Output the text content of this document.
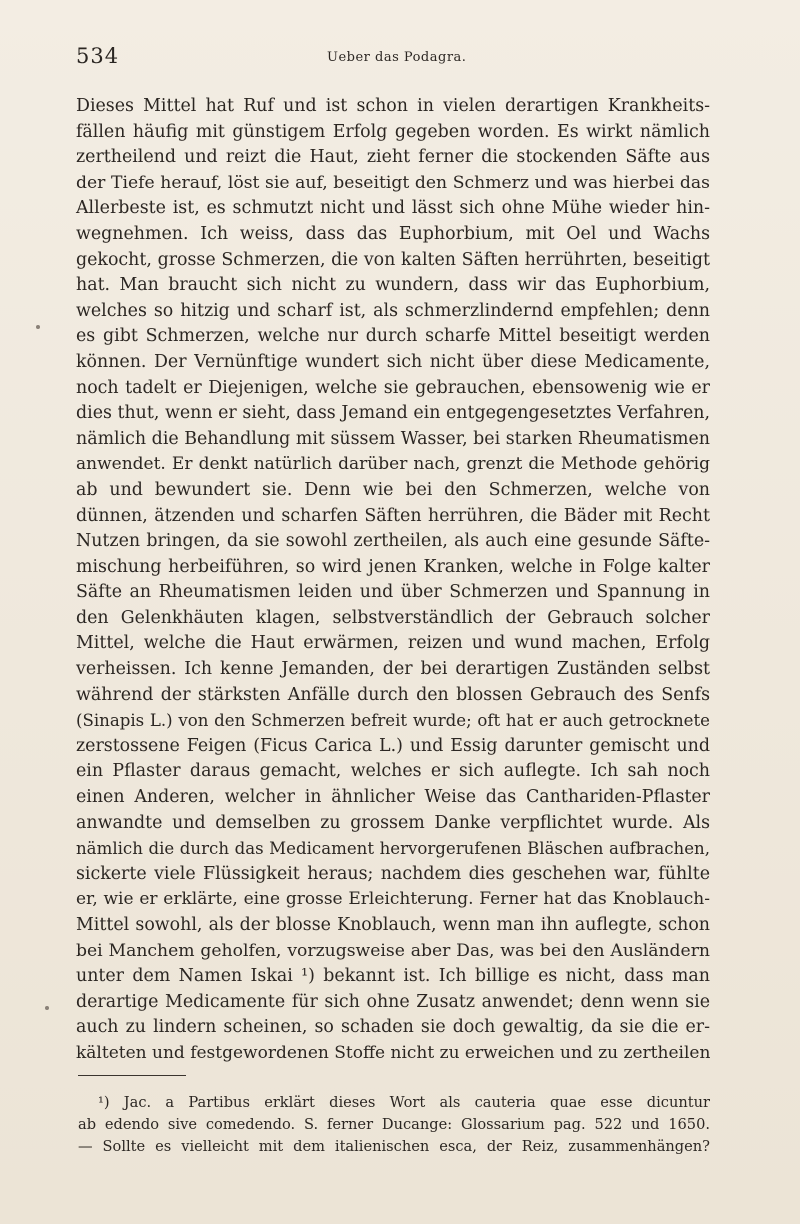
534	Ueber das Podagra.
Dieses Mittel hat Ruf und ist schon in vielen derartigen Krankheits-
fällen häufig mit günstigem Erfolg gegeben worden. Es wirkt nämlich
zertheilend und reizt die Haut, zieht ferner die stockenden Säfte aus
der Tiefe herauf, löst sie auf, beseitigt den Schmerz und was hierbei das
Allerbeste ist, es schmutzt nicht und lässt sich ohne Mühe wieder hin-
wegnehmen. Ich weiss, dass das Euphorbium, mit Oel und Wachs
gekocht, grosse Schmerzen, die von kalten Säften herrührten, beseitigt
hat. Man braucht sich nicht zu wundern, dass wir das Euphorbium,
welches so hitzig und scharf ist, als schmerzlindernd empfehlen; denn
es gibt Schmerzen, welche nur durch scharfe Mittel beseitigt werden
können. Der Vernünftige wundert sich nicht über diese Medicamente,
noch tadelt er Diejenigen, welche sie gebrauchen, ebensowenig wie er
dies thut, wenn er sieht, dass Jemand ein entgegengesetztes Verfahren,
nämlich die Behandlung mit süssem Wasser, bei starken Rheumatismen
anwendet. Er denkt natürlich darüber nach, grenzt die Methode gehörig
ab und bewundert sie. Denn wie bei den Schmerzen, welche von
dünnen, ätzenden und scharfen Säften herrühren, die Bäder mit Recht
Nutzen bringen, da sie sowohl zertheilen, als auch eine gesunde Säfte-
mischung herbeiführen, so wird jenen Kranken, welche in Folge kalter
Säfte an Rheumatismen leiden und über Schmerzen und Spannung in
den Gelenkhäuten klagen, selbstverständlich der Gebrauch solcher
Mittel, welche die Haut erwärmen, reizen und wund machen, Erfolg
verheissen. Ich kenne Jemanden, der bei derartigen Zuständen selbst
während der stärksten Anfälle durch den blossen Gebrauch des Senfs
(Sinapis L.) von den Schmerzen befreit wurde; oft hat er auch getrocknete
zerstossene Feigen (Ficus Carica L.) und Essig darunter gemischt und
ein Pflaster daraus gemacht, welches er sich auflegte. Ich sah noch
einen Anderen, welcher in ähnlicher Weise das Canthariden-Pflaster
anwandte und demselben zu grossem Danke verpflichtet wurde. Als
nämlich die durch das Medicament hervorgerufenen Bläschen aufbrachen,
sickerte viele Flüssigkeit heraus; nachdem dies geschehen war, fühlte
er, wie er erklärte, eine grosse Erleichterung. Ferner hat das Knoblauch-
Mittel sowohl, als der blosse Knoblauch, wenn man ihn auflegte, schon
bei Manchem geholfen, vorzugsweise aber Das, was bei den Ausländern
unter dem Namen Iskai ¹) bekannt ist. Ich billige es nicht, dass man
derartige Medicamente für sich ohne Zusatz anwendet; denn wenn sie
auch zu lindern scheinen, so schaden sie doch gewaltig, da sie die er-
kälteten und festgewordenen Stoffe nicht zu erweichen und zu zertheilen
¹) Jac. a Partibus erklärt dieses Wort als cauteria quae esse dicuntur
ab edendo sive comedendo. S. ferner Ducange: Glossarium pag. 522 und 1650.
— Sollte es vielleicht mit dem italienischen esca, der Reiz, zusammenhängen?
